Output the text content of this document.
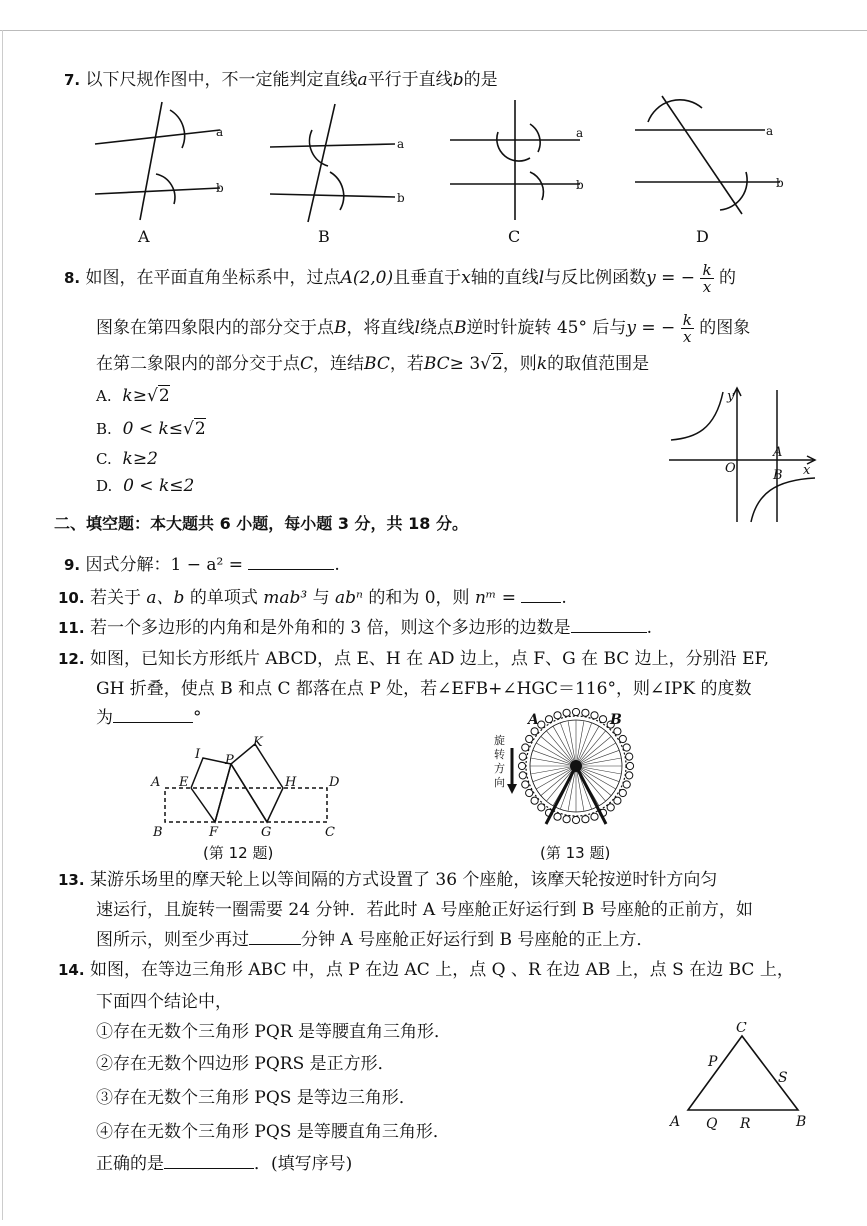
7. 以下尺规作图中，不一定能判定直线a平行于直线b的是
a
b
a
b
a
b
a
b
A	B	C	D
8. 如图，在平面直角坐标系中，过点A(2,0)且垂直于x轴的直线l与反比例函数y = − $\frac{k}{x}$ 的
图象在第四象限内的部分交于点B，将直线l绕点B逆时针旋转 45° 后与y = − $\frac{k}{x}$ 的图象
在第二象限内的部分交于点C，连结BC，若BC≥ 3√2，则k的取值范围是
A. k≥√2
B. 0 < k≤√2
C. k≥2
D. 0 < k≤2
y
x
O
A
B
二、填空题：本大题共 6 小题，每小题 3 分，共 18 分。
9. 因式分解：1 − a² =	.
10. 若关于 a、b 的单项式 mab³ 与 abⁿ 的和为 0，则 nᵐ =	.
11. 若一个多边形的内角和是外角和的 3 倍，则这个多边形的边数是	.
12. 如图，已知长方形纸片 ABCD，点 E、H 在 AD 边上，点 F、G 在 BC 边上，分别沿 EF,
GH 折叠，使点 B 和点 C 都落在点 P 处，若∠EFB+∠HGC＝116°，则∠IPK 的度数
为	°
I
K
P
A E	H	D
B	F	G	C
(第 12 题)
A	B
旋
转
方
向
(第 13 题)
13. 某游乐场里的摩天轮上以等间隔的方式设置了 36 个座舱，该摩天轮按逆时针方向匀
速运行，且旋转一圈需要 24 分钟．若此时 A 号座舱正好运行到 B 号座舱的正前方，如
图所示，则至少再过	分钟 A 号座舱正好运行到 B 号座舱的正上方．
14. 如图，在等边三角形 ABC 中，点 P 在边 AC 上，点 Q 、R 在边 AB 上，点 S 在边 BC 上，
下面四个结论中，
①存在无数个三角形 PQR 是等腰直角三角形．
②存在无数个四边形 PQRS 是正方形．
③存在无数个三角形 PQS 是等边三角形．
④存在无数个三角形 PQS 是等腰直角三角形．
正确的是	．(填写序号)
C
A	B
P
S
Q R
